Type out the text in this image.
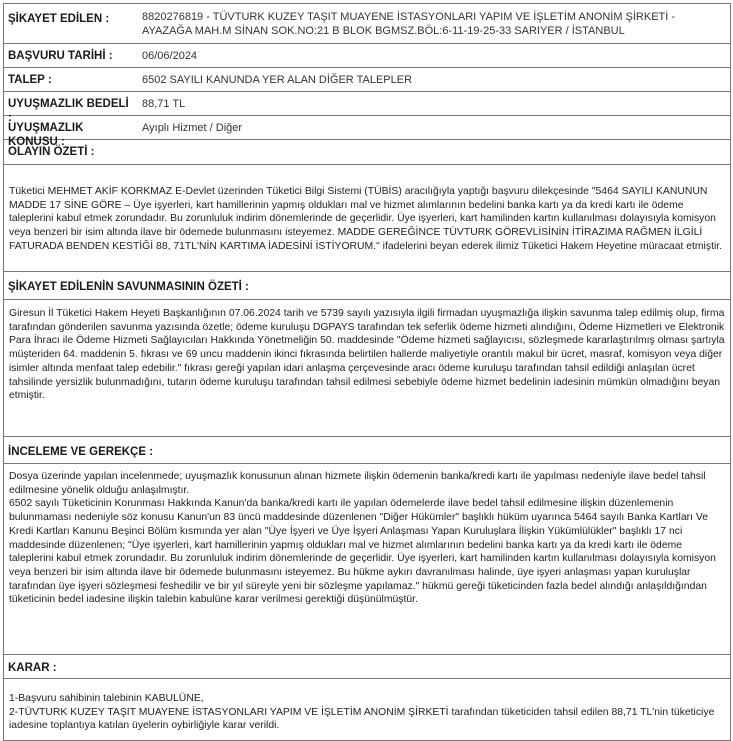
ŞİKAYET EDİLEN :	8820276819 - TÜVTURK KUZEY TAŞIT MUAYENE İSTASYONLARI YAPIM VE İŞLETİM ANONİM ŞİRKETİ -
AYAZAĞA MAH.M SİNAN SOK.NO:21 B BLOK BGMSZ.BÖL:6-11-19-25-33 SARIYER / İSTANBUL
BAŞVURU TARİHİ :	06/06/2024
TALEP :	6502 SAYILI KANUNDA YER ALAN DİĞER TALEPLER
UYUŞMAZLIK BEDELİ :
88,71 TL
UYUŞMAZLIK KONUSU :
Ayıplı Hizmet / Diğer
OLAYIN ÖZETİ :

Tüketici MEHMET AKİF KORKMAZ E-Devlet üzerinden Tüketici Bilgi Sistemi (TÜBİS) aracılığıyla yaptığı başvuru dilekçesinde "5464 SAYILI KANUNUN MADDE 17 SİNE GÖRE – Üye işyerleri, kart hamillerinin yapmış oldukları mal ve hizmet alımlarının bedelini banka kartı ya da kredi kartı ile ödeme taleplerini kabul etmek zorundadır. Bu zorunluluk indirim dönemlerinde de geçerlidir. Üye işyerleri, kart hamilinden kartın kullanılması dolayısıyla komisyon veya benzeri bir isim altında ilave bir ödemede bulunmasını isteyemez. MADDE GEREĞİNCE TÜVTURK GÖREVLİSİNİN İTİRAZIMA RAĞMEN İLGİLİ FATURADA BENDEN KESTİĞİ 88, 71TL'NİN KARTIMA İADESİNİ İSTİYORUM." ifadelerini beyan ederek ilimiz Tüketici Hakem Heyetine müracaat etmiştir.

ŞİKAYET EDİLENİN SAVUNMASININ ÖZETİ :

Giresun İl Tüketici Hakem Heyeti Başkanlığının 07.06.2024 tarih ve 5739 sayılı yazısıyla ilgili firmadan uyuşmazlığa ilişkin savunma talep edilmiş olup, firma tarafından gönderilen savunma yazısında özetle; ödeme kuruluşu DGPAYS tarafından tek seferlik ödeme hizmeti alındığını, Ödeme Hizmetleri ve Elektronik Para İhracı ile Ödeme Hizmeti Sağlayıcıları Hakkında Yönetmeliğin 50. maddesinde "Ödeme hizmeti sağlayıcısı, sözleşmede kararlaştırılmış olması şartıyla müşteriden 64. maddenin 5. fıkrası ve 69 uncu maddenin ikinci fıkrasında belirtilen hallerde maliyetiyle orantılı makul bir ücret, masraf, komisyon veya diğer isimler altında menfaat talep edebilir." fıkrası gereği yapılan idari anlaşma çerçevesinde aracı ödeme kuruluşu tarafından tahsil edildiği anlaşılan ücret tahsilinde yersizlik bulunmadığını, tutarın ödeme kuruluşu tarafından tahsil edilmesi sebebiyle ödeme hizmet bedelinin iadesinin mümkün olmadığını beyan etmiştir.

İNCELEME VE GEREKÇE :

Dosya üzerinde yapılan incelenmede; uyuşmazlık konusunun alınan hizmete ilişkin ödemenin banka/kredi kartı ile yapılması nedeniyle ilave bedel tahsil edilmesine yönelik olduğu anlaşılmıştır.

6502 sayılı Tüketicinin Korunması Hakkında Kanun'da banka/kredi kartı ile yapılan ödemelerde ilave bedel tahsil edilmesine ilişkin düzenlemenin bulunmaması nedeniyle söz konusu Kanun'un 83 üncü maddesinde düzenlenen "Diğer Hükümler" başlıklı hüküm uyarınca 5464 sayılı Banka Kartları Ve Kredi Kartları Kanunu Beşinci Bölüm kısmında yer alan "Üye İşyeri ve Üye İşyeri Anlaşması Yapan Kuruluşlara İlişkin Yükümlülükler" başlıklı 17 nci maddesinde düzenlenen; "Üye işyerleri, kart hamillerinin yapmış oldukları mal ve hizmet alımlarının bedelini banka kartı ya da kredi kartı ile ödeme taleplerini kabul etmek zorundadır. Bu zorunluluk indirim dönemlerinde de geçerlidir. Üye işyerleri, kart hamilinden kartın kullanılması dolayısıyla komisyon veya benzeri bir isim altında ilave bir ödemede bulunmasını isteyemez. Bu hükme aykırı davranılması halinde, üye işyeri anlaşması yapan kuruluşlar tarafından üye işyeri sözleşmesi feshedilir ve bir yıl süreyle yeni bir sözleşme yapılamaz." hükmü gereği tüketicinden fazla bedel alındığı anlaşıldığından tüketicinin bedel iadesine ilişkin talebin kabulüne karar verilmesi gerektiği düşünülmüştür.

KARAR :

1-Başvuru sahibinin talebinin KABULÜNE,

2-TÜVTURK KUZEY TAŞIT MUAYENE İSTASYONLARI YAPIM VE İŞLETİM ANONİM ŞİRKETİ tarafından tüketiciden tahsil edilen 88,71 TL'nin tüketiciye iadesine toplantıya katılan üyelerin oybirliğiyle karar verildi.
